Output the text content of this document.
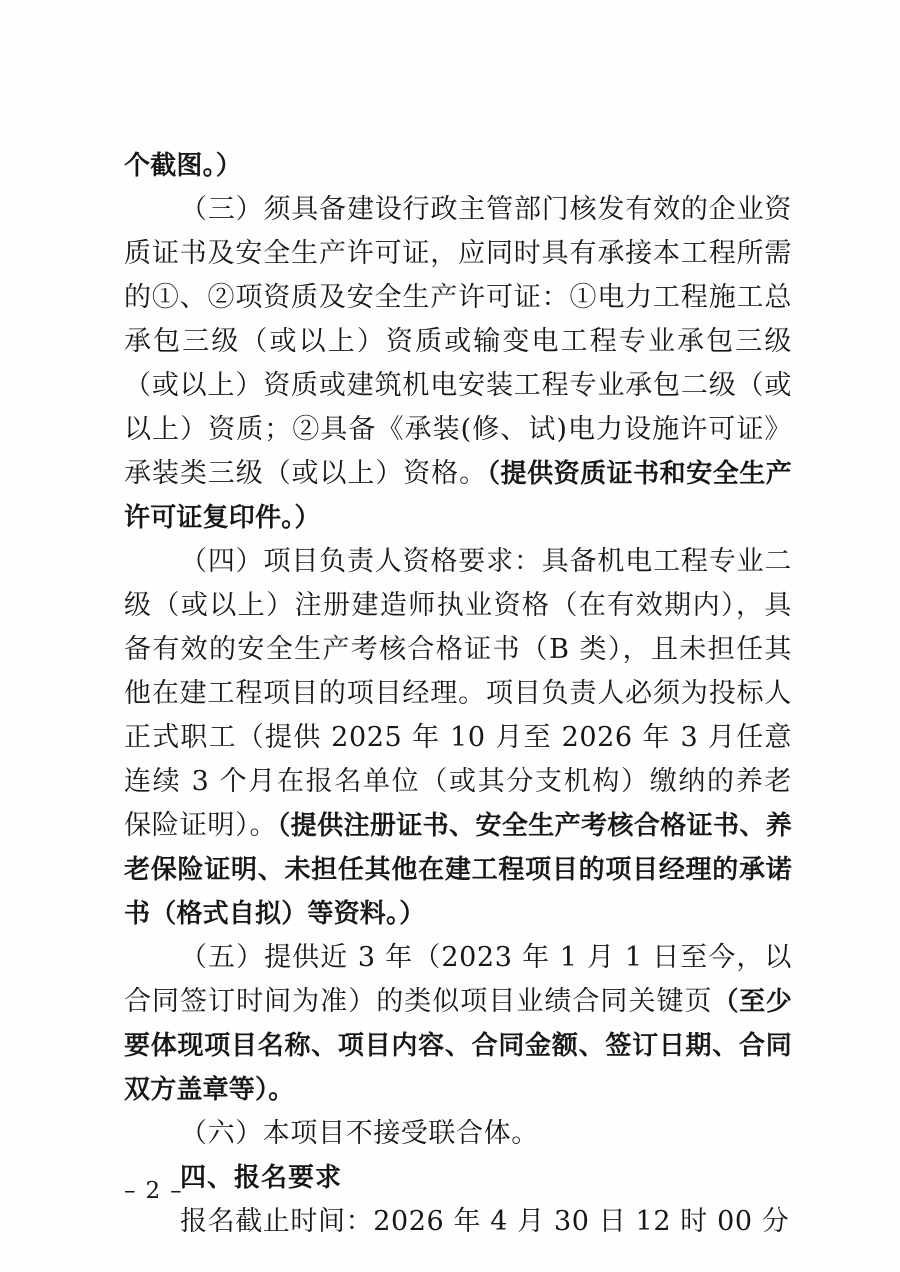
个截图。）

（三）须具备建设行政主管部门核发有效的企业资质证书及安全生产许可证，应同时具有承接本工程所需的①、②项资质及安全生产许可证：①电力工程施工总承包三级（或以上）资质或输变电工程专业承包三级（或以上）资质或建筑机电安装工程专业承包二级（或以上）资质；②具备《承装(修、试)电力设施许可证》承装类三级（或以上）资格。（提供资质证书和安全生产许可证复印件。）

（四）项目负责人资格要求：具备机电工程专业二级（或以上）注册建造师执业资格（在有效期内），具备有效的安全生产考核合格证书（B 类），且未担任其他在建工程项目的项目经理。项目负责人必须为投标人正式职工（提供 2025 年 10 月至 2026 年 3 月任意连续 3 个月在报名单位（或其分支机构）缴纳的养老保险证明）。（提供注册证书、安全生产考核合格证书、养老保险证明、未担任其他在建工程项目的项目经理的承诺书（格式自拟）等资料。）

（五）提供近 3 年（2023 年 1 月 1 日至今，以合同签订时间为准）的类似项目业绩合同关键页（至少要体现项目名称、项目内容、合同金额、签订日期、合同双方盖章等）。

（六）本项目不接受联合体。

四、报名要求

报名截止时间：2026 年 4 月 30 日 12 时 00 分

– 2 –
